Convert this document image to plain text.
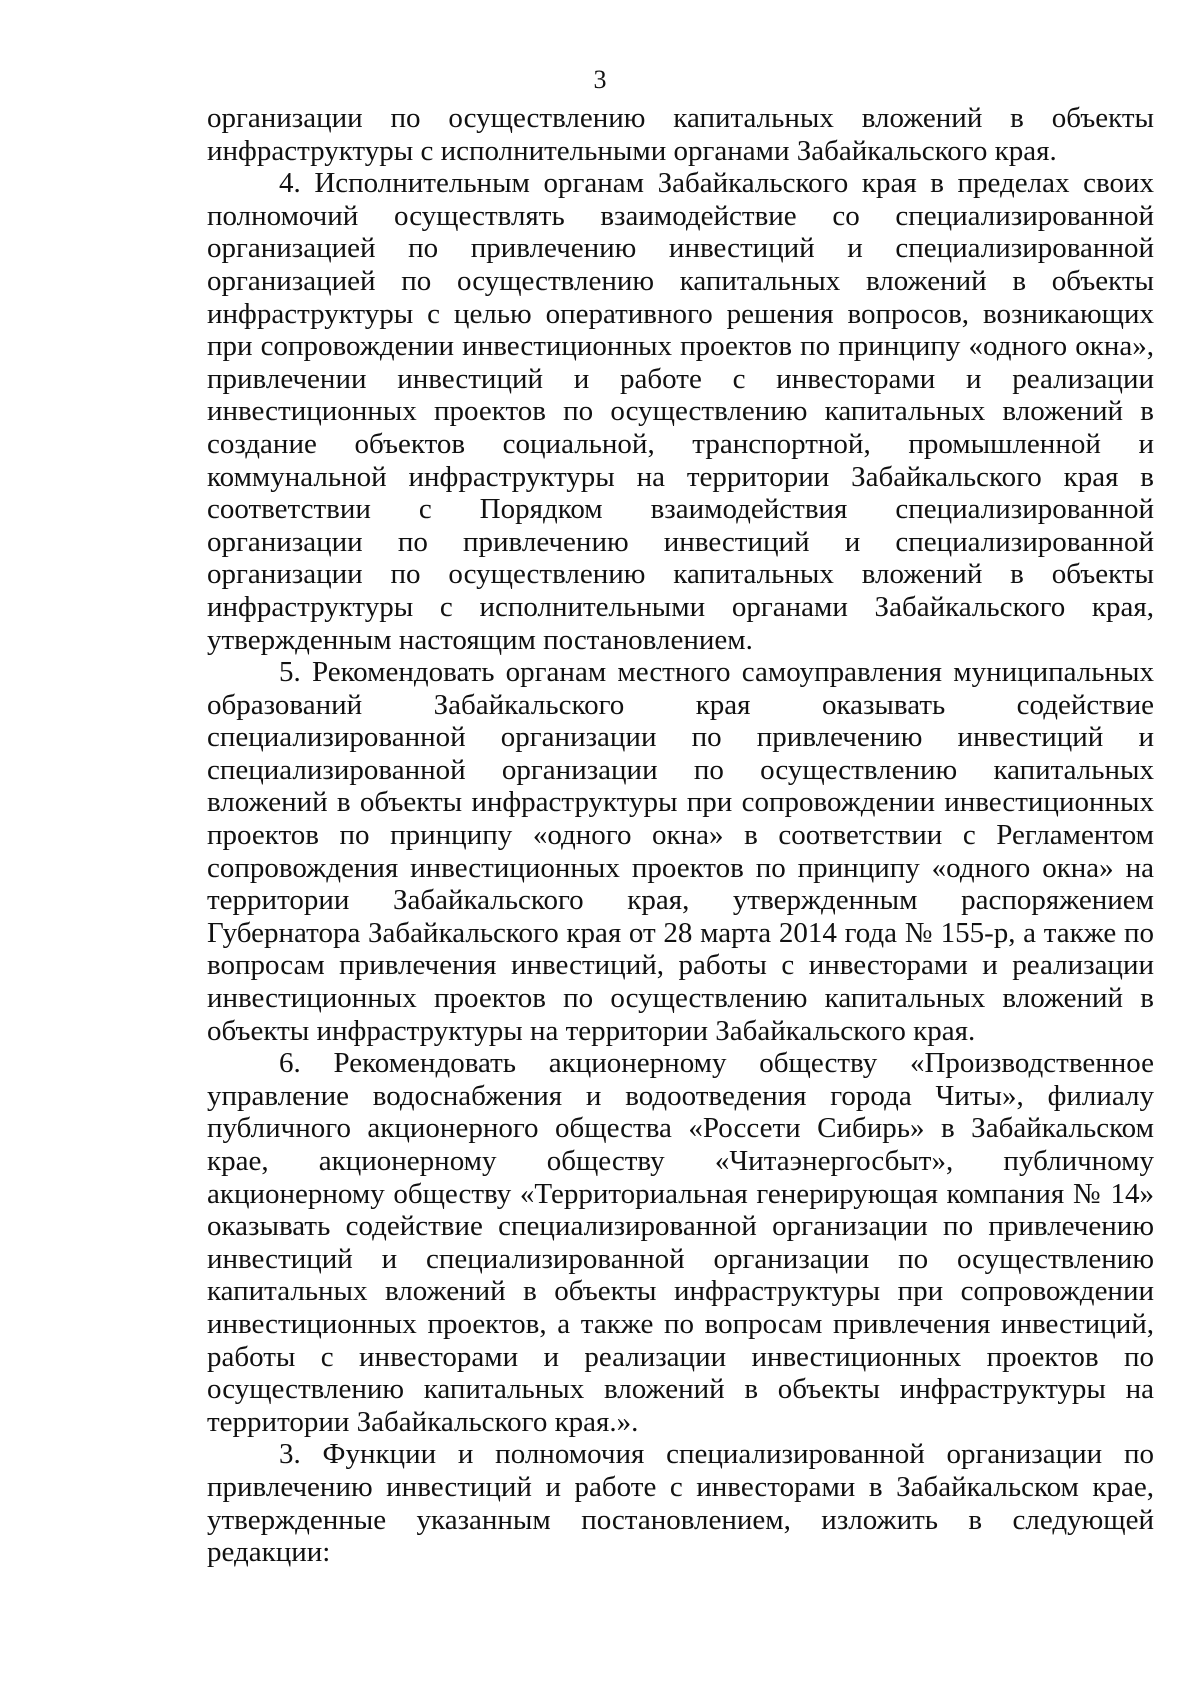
3

организации по осуществлению капитальных вложений в объекты инфраструктуры с исполнительными органами Забайкальского края.

4. Исполнительным органам Забайкальского края в пределах своих полномочий осуществлять взаимодействие со специализированной организацией по привлечению инвестиций и специализированной организацией по осуществлению капитальных вложений в объекты инфраструктуры с целью оперативного решения вопросов, возникающих при сопровождении инвестиционных проектов по принципу «одного окна», привлечении инвестиций и работе с инвесторами и реализации инвестиционных проектов по осуществлению капитальных вложений в создание объектов социальной, транспортной, промышленной и коммунальной инфраструктуры на территории Забайкальского края в соответствии с Порядком взаимодействия специализированной организации по привлечению инвестиций и специализированной организации по осуществлению капитальных вложений в объекты инфраструктуры с исполнительными органами Забайкальского края, утвержденным настоящим постановлением.

5. Рекомендовать органам местного самоуправления муниципальных образований Забайкальского края оказывать содействие специализированной организации по привлечению инвестиций и специализированной организации по осуществлению капитальных вложений в объекты инфраструктуры при сопровождении инвестиционных проектов по принципу «одного окна» в соответствии с Регламентом сопровождения инвестиционных проектов по принципу «одного окна» на территории Забайкальского края, утвержденным распоряжением Губернатора Забайкальского края от 28 марта 2014 года № 155-р, а также по вопросам привлечения инвестиций, работы с инвесторами и реализации инвестиционных проектов по осуществлению капитальных вложений в объекты инфраструктуры на территории Забайкальского края.

6. Рекомендовать акционерному обществу «Производственное управление водоснабжения и водоотведения города Читы», филиалу публичного акционерного общества «Россети Сибирь» в Забайкальском крае, акционерному обществу «Читаэнергосбыт», публичному акционерному обществу «Территориальная генерирующая компания № 14» оказывать содействие специализированной организации по привлечению инвестиций и специализированной организации по осуществлению капитальных вложений в объекты инфраструктуры при сопровождении инвестиционных проектов, а также по вопросам привлечения инвестиций, работы с инвесторами и реализации инвестиционных проектов по осуществлению капитальных вложений в объекты инфраструктуры на территории Забайкальского края.».

3. Функции и полномочия специализированной организации по привлечению инвестиций и работе с инвесторами в Забайкальском крае, утвержденные указанным постановлением, изложить в следующей редакции:
